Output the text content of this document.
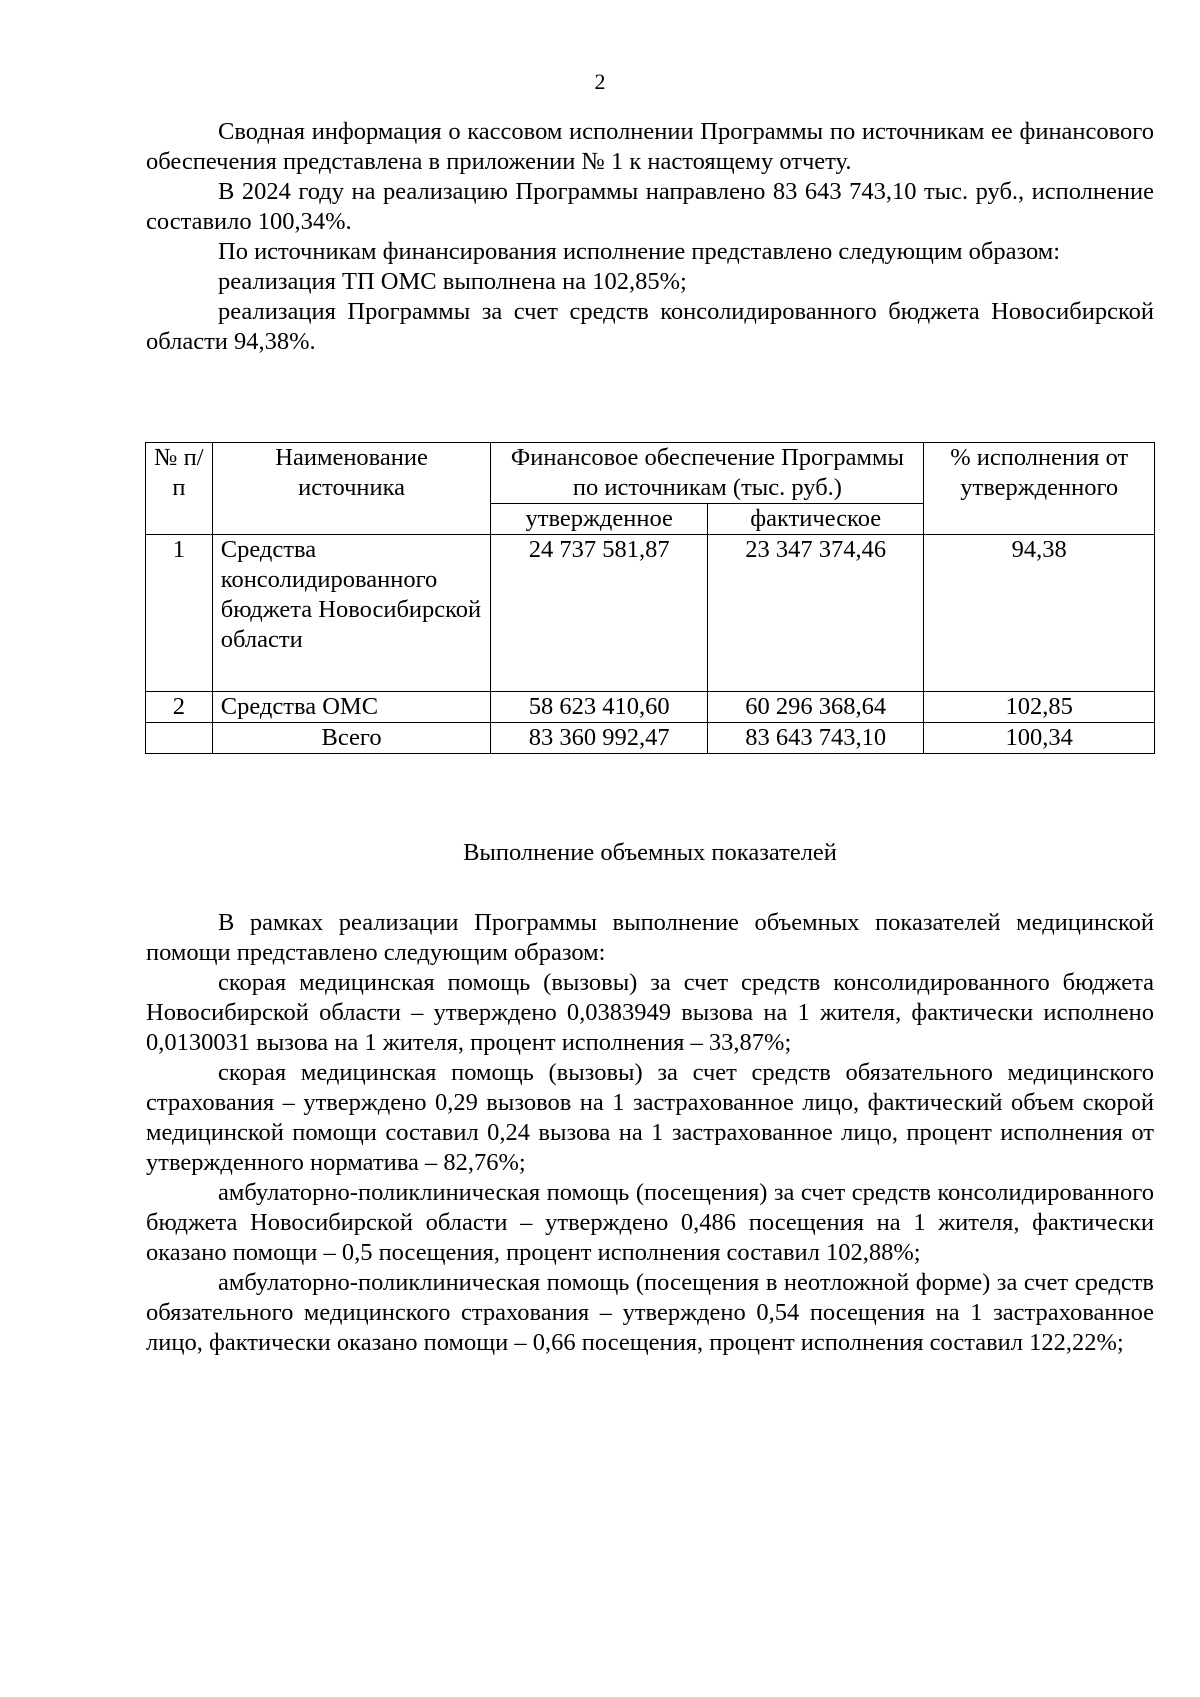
2

Сводная информация о кассовом исполнении Программы по источникам ее финансового обеспечения представлена в приложении № 1 к настоящему отчету.

В 2024 году на реализацию Программы направлено 83 643 743,10 тыс. руб., исполнение составило 100,34%.

По источникам финансирования исполнение представлено следующим образом:

реализация ТП ОМС выполнена на 102,85%;

реализация Программы за счет средств консолидированного бюджета Новосибирской области 94,38%.

№ п/п	Наименование источника	Финансовое обеспечение Программы по источникам (тыс. руб.)		% исполнения от утвержденного
		утвержденное	фактическое	
1	Средства консолидированного бюджета Новосибирской области	24 737 581,87	23 347 374,46	94,38
2	Средства ОМС	58 623 410,60	60 296 368,64	102,85
	Всего	83 360 992,47	83 643 743,10	100,34
Выполнение объемных показателей

В рамках реализации Программы выполнение объемных показателей медицинской помощи представлено следующим образом:

скорая медицинская помощь (вызовы) за счет средств консолидированного бюджета Новосибирской области – утверждено 0,0383949 вызова на 1 жителя, фактически исполнено 0,0130031 вызова на 1 жителя, процент исполнения – 33,87%;

скорая медицинская помощь (вызовы) за счет средств обязательного медицинского страхования – утверждено 0,29 вызовов на 1 застрахованное лицо, фактический объем скорой медицинской помощи составил 0,24 вызова на 1 застрахованное лицо, процент исполнения от утвержденного норматива – 82,76%;

амбулаторно-поликлиническая помощь (посещения) за счет средств консолидированного бюджета Новосибирской области – утверждено 0,486 посещения на 1 жителя, фактически оказано помощи – 0,5 посещения, процент исполнения составил 102,88%;

амбулаторно-поликлиническая помощь (посещения в неотложной форме) за счет средств обязательного медицинского страхования – утверждено 0,54 посещения на 1 застрахованное лицо, фактически оказано помощи – 0,66 посещения, процент исполнения составил 122,22%;
